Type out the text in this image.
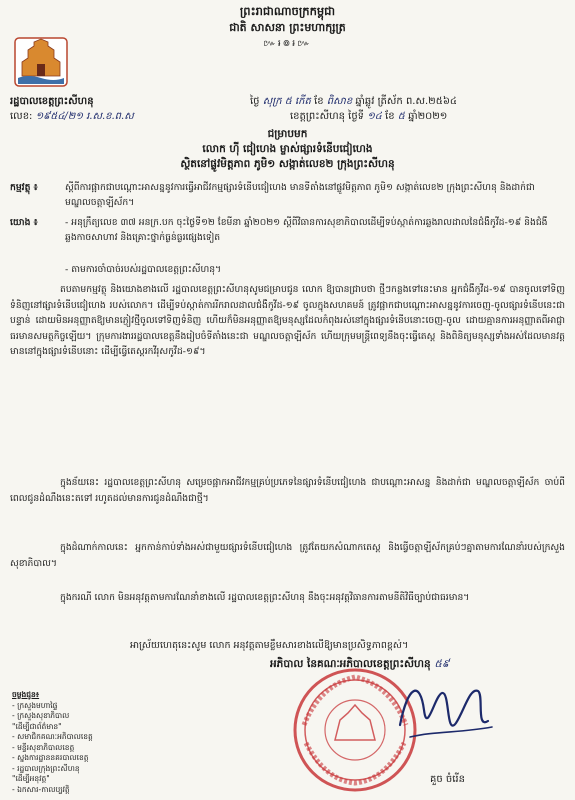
ព្រះរាជាណាចក្រកម្ពុជា
ជាតិ សាសនា ព្រះមហាក្សត្រ
៚៛៙៛៚
រដ្ឋបាលខេត្តព្រះសីហនុ
លេខ: ១៩៥៤/២១ រ.ស.ខ.ព.ស
ថ្ងៃ សុក្រ ៥ កើត ខែ ពិសាខ ឆ្នាំឆ្លូវ ត្រីស័ក ព.ស.២៥៦៤
ខេត្តព្រះសីហនុ ថ្ងៃទី ១៤ ខែ ៥ ឆ្នាំ២០២១
ជម្រាបមក
លោក ហ៊ី ជៀហេង ម្ចាស់ផ្សារទំនើបជៀហេង
ស្ថិតនៅផ្លូវមិត្តភាព ភូមិ១ សង្កាត់លេខ២ ក្រុងព្រះសីហនុ
កម្មវត្ថុ ៖	ស្តីពីការផ្អាកជាបណ្តោះអាសន្ននូវការធ្វើអាជីវកម្មផ្សារទំនើបជៀហេង មានទីតាំងនៅផ្លូវមិត្តភាព ភូមិ១ សង្កាត់លេខ២ ក្រុងព្រះសីហនុ និងដាក់ជាមណ្ឌលចត្តាឡីស័ក។
យោង ៖	- អនុក្រឹត្យលេខ ៣៧ អនក្រ.បក ចុះថ្ងៃទី១២ ខែមីនា ឆ្នាំ២០២១ ស្តីពីវិធានការសុខាភិបាលដើម្បីទប់ស្កាត់ការឆ្លងរាលដាលនៃជំងឺកូវីដ-១៩ និងជំងឺឆ្លងកាចសាហាវ និងគ្រោះថ្នាក់ធ្ងន់ធ្ងរផ្សេងទៀត
- តាមការចាំបាច់របស់រដ្ឋបាលខេត្តព្រះសីហនុ។
តបតាមកម្មវត្ថុ និងយោងខាងលើ រដ្ឋបាលខេត្តព្រះសីហនុសូមជម្រាបជូន លោក ឱ្យបានជ្រាបថា ថ្មីៗកន្លងទៅនេះមាន អ្នកជំងឺកូវីដ-១៩ បានចូលទៅទិញទំនិញនៅផ្សារទំនើបជៀហេង របស់លោក។ ដើម្បីទប់ស្កាត់ការរីករាលដាលជំងឺកូវីដ-១៩ ចូលក្នុងសហគមន៍ ត្រូវផ្អាកជាបណ្តោះអាសន្ននូវការចេញ-ចូលផ្សារទំនើបនេះជាបន្ទាន់ ដោយមិនអនុញ្ញាតឱ្យមានភ្ញៀវថ្មីចូលទៅទិញទំនិញ ហើយក៏មិនអនុញ្ញាតឱ្យមនុស្សដែលកំពុងរស់នៅក្នុងផ្សារទំនើបនោះចេញ-ចូល ដោយគ្មានការអនុញ្ញាតពីអាជ្ញាធរមានសមត្ថកិច្ចឡើយ។ ក្រុមការងាររដ្ឋបាលខេត្តនឹងរៀបចំទីតាំងនេះជា មណ្ឌលចត្តាឡីស័ក ហើយក្រុមមន្ត្រីពេទ្យនឹងចុះធ្វើតេស្ត និងពិនិត្យមនុស្សទាំងអស់ដែលមានវត្តមាននៅក្នុងផ្សារទំនើបនោះ ដើម្បីធ្វើតេស្តរកវីរុសកូវីដ-១៩។
ក្នុងន័យនេះ រដ្ឋបាលខេត្តព្រះសីហនុ សម្រេចផ្អាកអាជីវកម្មគ្រប់ប្រភេទនៃផ្សារទំនើបជៀហេង ជាបណ្តោះអាសន្ន និងដាក់ជា មណ្ឌលចត្តាឡីស័ក ចាប់ពីពេលជូនដំណឹងនេះតទៅ រហូតដល់មានការជូនដំណឹងជាថ្មី។
ក្នុងដំណាក់កាលនេះ អ្នកកាន់កាប់ទាំងអស់ជាមួយផ្សារទំនើបជៀហេង ត្រូវតែយកសំណាកតេស្ត និងធ្វើចត្តាឡីស័កគ្រប់ៗគ្នាតាមការណែនាំរបស់ក្រសួងសុខាភិបាល។
ក្នុងករណី លោក មិនអនុវត្តតាមការណែនាំខាងលើ រដ្ឋបាលខេត្តព្រះសីហនុ នឹងចុះអនុវត្តវិធានការតាមនីតិវិធីច្បាប់ជាធរមាន។
អាស្រ័យហេតុនេះសូម លោក អនុវត្តតាមខ្លឹមសារខាងលើឱ្យមានប្រសិទ្ធភាពខ្ពស់។
អភិបាល នៃគណៈអភិបាលខេត្តព្រះសីហនុ ៥៩
គួច ចំរើន
ចម្លងជូន៖
- ក្រសួងមហាផ្ទៃ
- ក្រសួងសុខាភិបាល
"ដើម្បីជាព័ត៌មាន"
- សមាជិកគណៈអភិបាលខេត្ត
- មន្ទីរសុខាភិបាលខេត្ត
- ស្នងការដ្ឋាននគរបាលខេត្ត
- រដ្ឋបាលក្រុងព្រះសីហនុ
"ដើម្បីអនុវត្ត"
- ឯកសារ-កាលប្បវត្តិ
